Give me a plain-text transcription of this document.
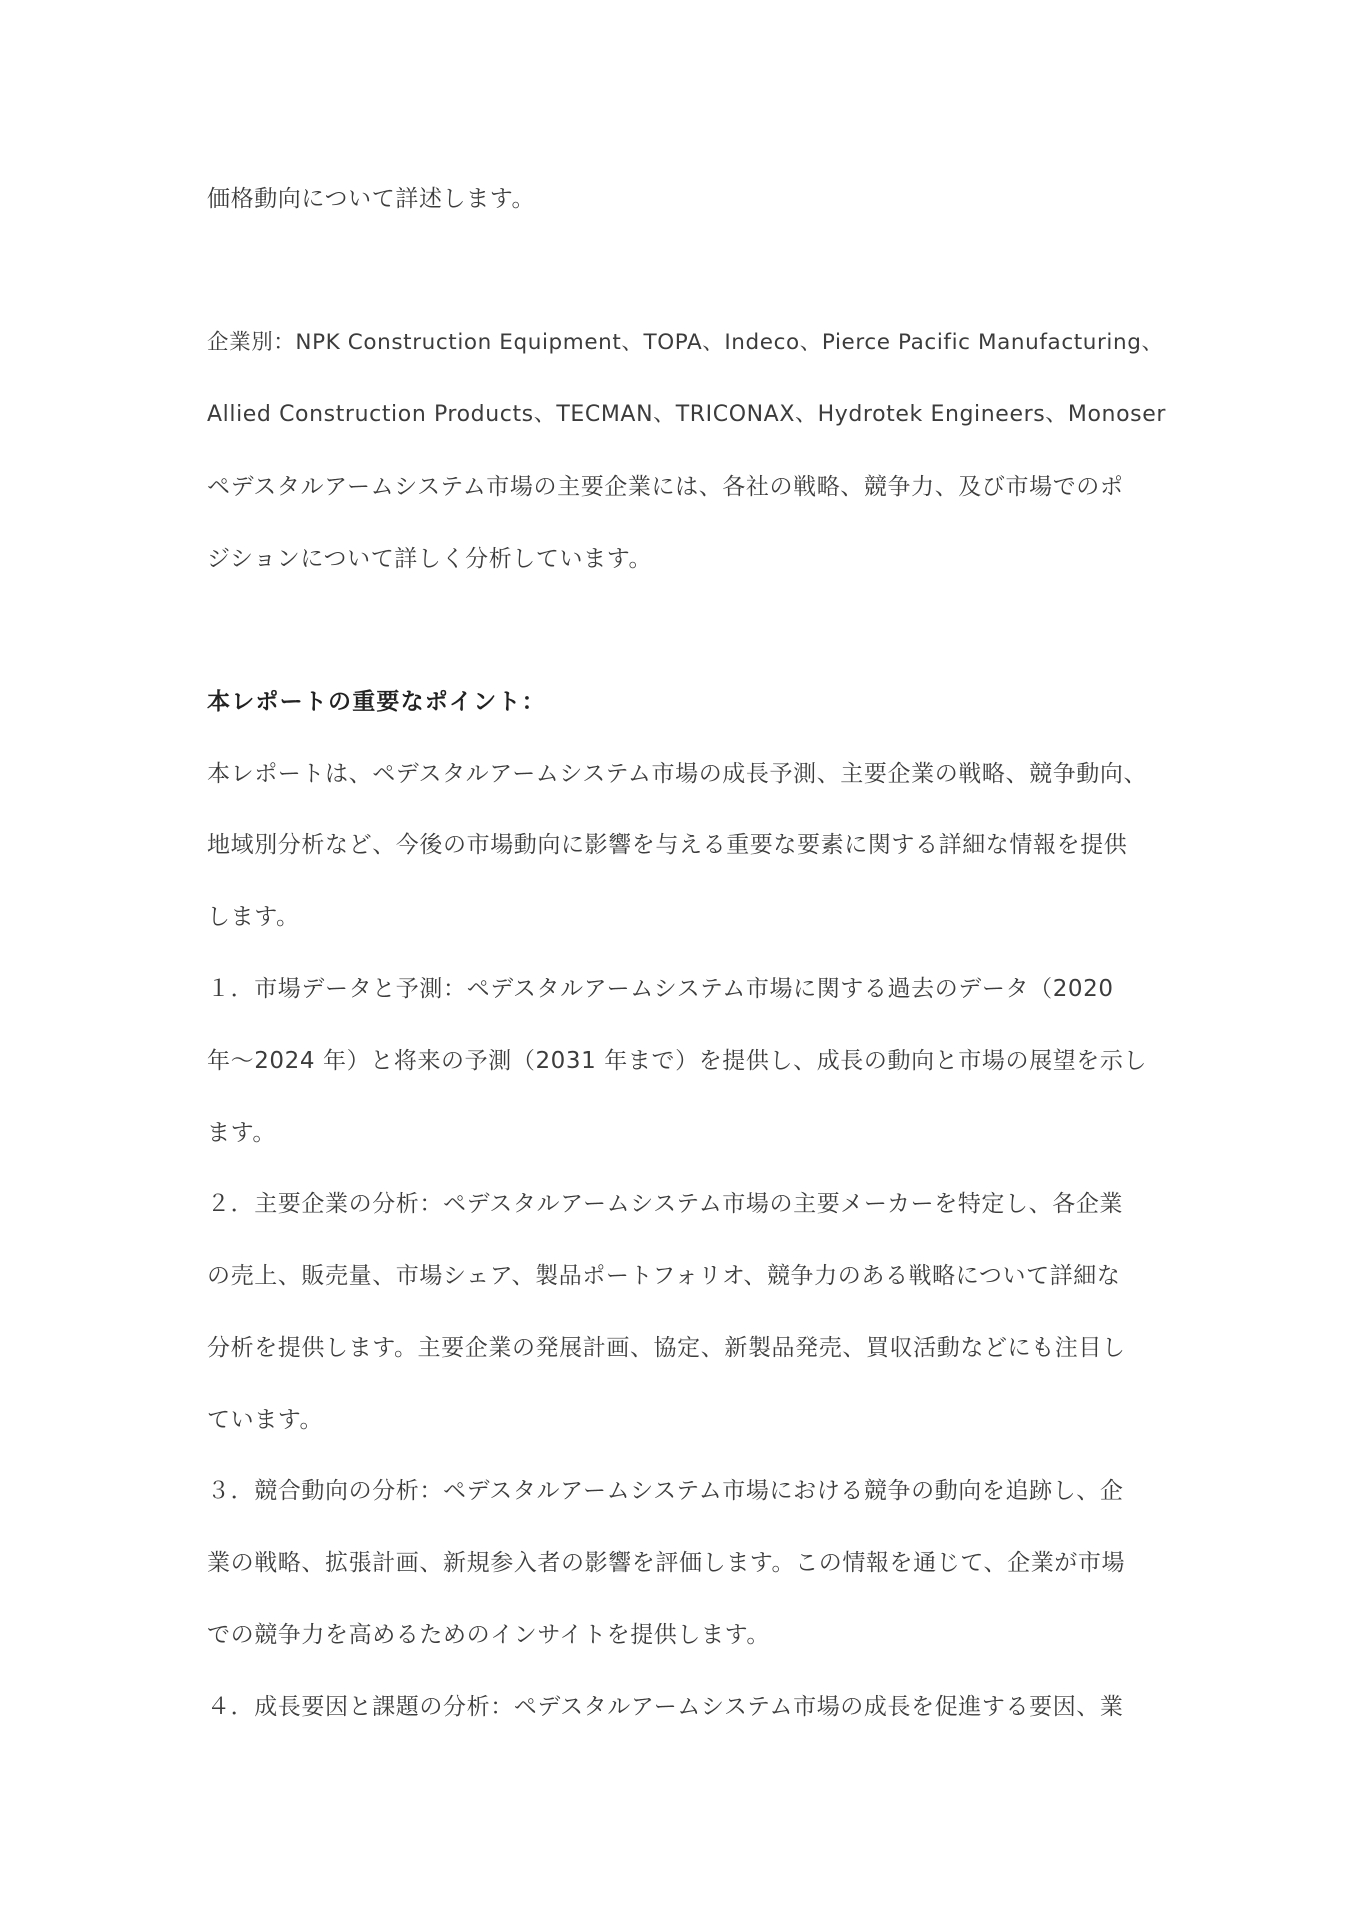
価格動向について詳述します。
企業別：NPK Construction Equipment、TOPA、Indeco、Pierce Pacific Manufacturing、
Allied Construction Products、TECMAN、TRICONAX、Hydrotek Engineers、Monoser
ペデスタルアームシステム市場の主要企業には、各社の戦略、競争力、及び市場でのポ
ジションについて詳しく分析しています。
本レポートの重要なポイント：
本レポートは、ペデスタルアームシステム市場の成長予測、主要企業の戦略、競争動向、
地域別分析など、今後の市場動向に影響を与える重要な要素に関する詳細な情報を提供
します。
１．市場データと予測：ペデスタルアームシステム市場に関する過去のデータ（2020
年～2024 年）と将来の予測（2031 年まで）を提供し、成長の動向と市場の展望を示し
ます。
２．主要企業の分析：ペデスタルアームシステム市場の主要メーカーを特定し、各企業
の売上、販売量、市場シェア、製品ポートフォリオ、競争力のある戦略について詳細な
分析を提供します。主要企業の発展計画、協定、新製品発売、買収活動などにも注目し
ています。
３．競合動向の分析：ペデスタルアームシステム市場における競争の動向を追跡し、企
業の戦略、拡張計画、新規参入者の影響を評価します。この情報を通じて、企業が市場
での競争力を高めるためのインサイトを提供します。
４．成長要因と課題の分析：ペデスタルアームシステム市場の成長を促進する要因、業
